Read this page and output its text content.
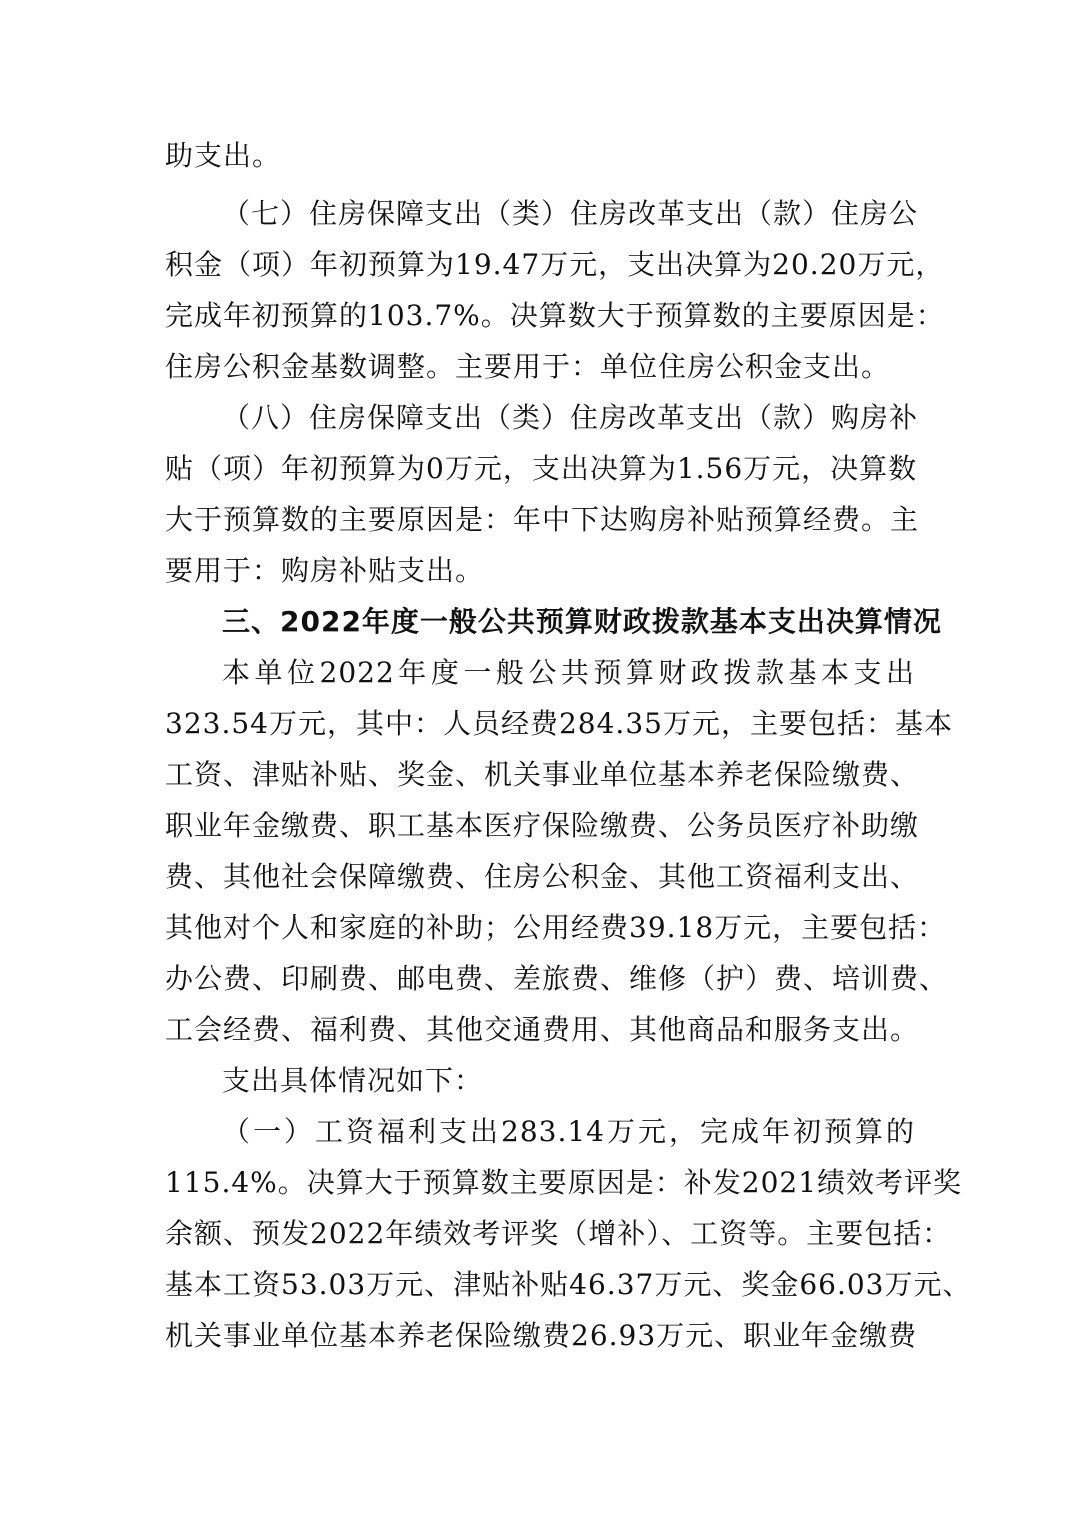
助支出。
（七）住房保障支出（类）住房改革支出（款）住房公
积金（项）年初预算为19.47万元，支出决算为20.20万元，
完成年初预算的103.7%。决算数大于预算数的主要原因是：
住房公积金基数调整。主要用于：单位住房公积金支出。
（八）住房保障支出（类）住房改革支出（款）购房补
贴（项）年初预算为0万元，支出决算为1.56万元，决算数
大于预算数的主要原因是：年中下达购房补贴预算经费。主
要用于：购房补贴支出。
三、2022年度一般公共预算财政拨款基本支出决算情况
本单位2022年度一般公共预算财政拨款基本支出
323.54万元，其中：人员经费284.35万元，主要包括：基本
工资、津贴补贴、奖金、机关事业单位基本养老保险缴费、
职业年金缴费、职工基本医疗保险缴费、公务员医疗补助缴
费、其他社会保障缴费、住房公积金、其他工资福利支出、
其他对个人和家庭的补助；公用经费39.18万元，主要包括：
办公费、印刷费、邮电费、差旅费、维修（护）费、培训费、
工会经费、福利费、其他交通费用、其他商品和服务支出。
支出具体情况如下：
（一）工资福利支出283.14万元，完成年初预算的
115.4%。决算大于预算数主要原因是：补发2021绩效考评奖
余额、预发2022年绩效考评奖（增补）、工资等。主要包括：
基本工资53.03万元、津贴补贴46.37万元、奖金66.03万元、
机关事业单位基本养老保险缴费26.93万元、职业年金缴费
